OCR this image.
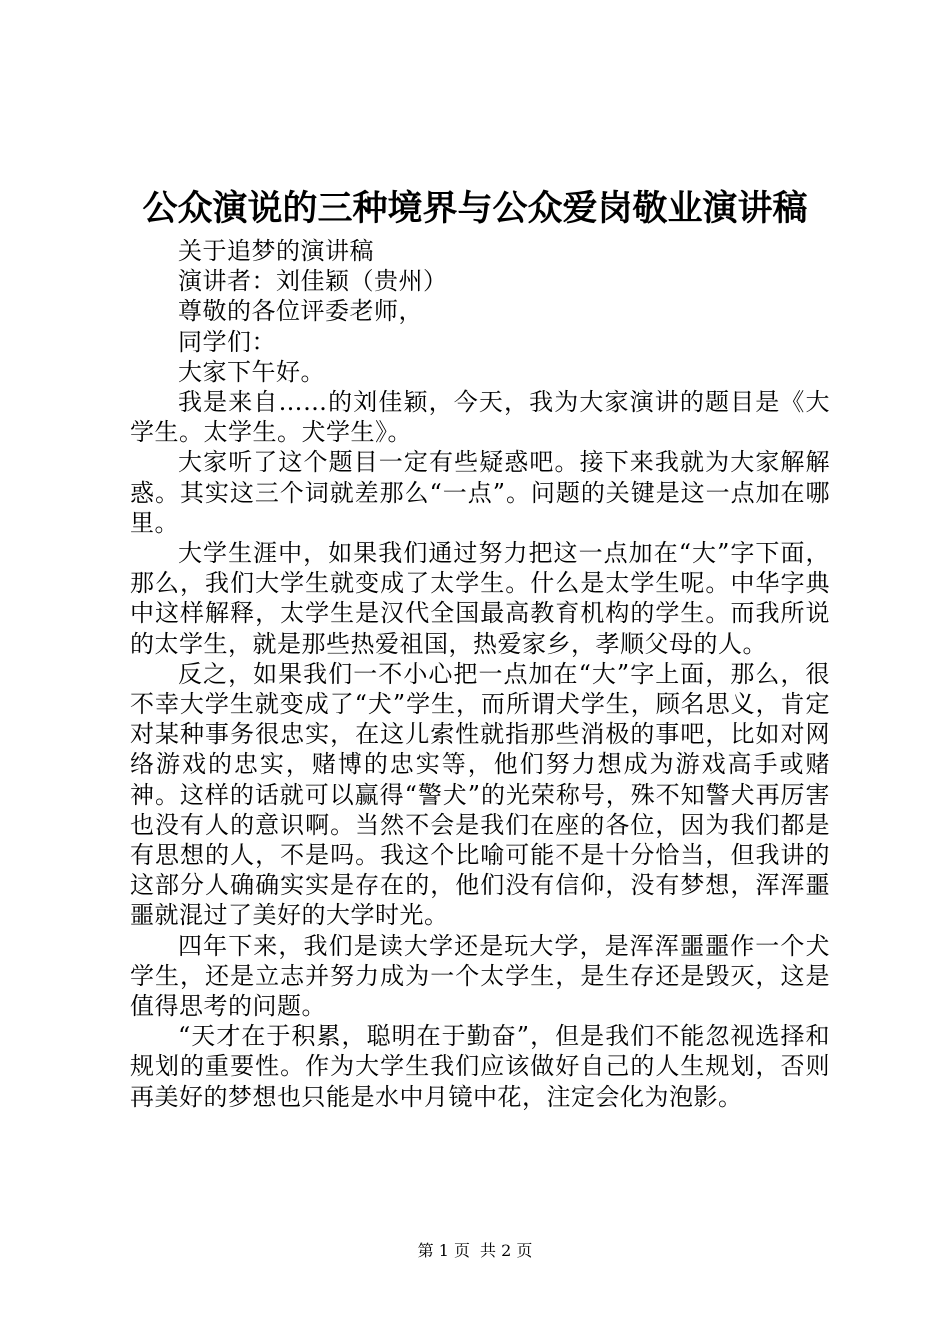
公众演说的三种境界与公众爱岗敬业演讲稿

关于追梦的演讲稿

演讲者：刘佳颖（贵州）

尊敬的各位评委老师，

同学们：

大家下午好。

我是来自……的刘佳颖，今天，我为大家演讲的题目是《大学生。太学生。犬学生》。

大家听了这个题目一定有些疑惑吧。接下来我就为大家解解惑。其实这三个词就差那么“一点”。问题的关键是这一点加在哪里。

大学生涯中，如果我们通过努力把这一点加在“大”字下面，那么，我们大学生就变成了太学生。什么是太学生呢。中华字典中这样解释，太学生是汉代全国最高教育机构的学生。而我所说的太学生，就是那些热爱祖国，热爱家乡，孝顺父母的人。

反之，如果我们一不小心把一点加在“大”字上面，那么，很不幸大学生就变成了“犬”学生，而所谓犬学生，顾名思义，肯定对某种事务很忠实，在这儿索性就指那些消极的事吧，比如对网络游戏的忠实，赌博的忠实等，他们努力想成为游戏高手或赌神。这样的话就可以赢得“警犬”的光荣称号，殊不知警犬再厉害也没有人的意识啊。当然不会是我们在座的各位，因为我们都是有思想的人，不是吗。我这个比喻可能不是十分恰当，但我讲的这部分人确确实实是存在的，他们没有信仰，没有梦想，浑浑噩噩就混过了美好的大学时光。

四年下来，我们是读大学还是玩大学，是浑浑噩噩作一个犬学生，还是立志并努力成为一个太学生，是生存还是毁灭，这是值得思考的问题。

“天才在于积累，聪明在于勤奋”，但是我们不能忽视选择和规划的重要性。作为大学生我们应该做好自己的人生规划，否则再美好的梦想也只能是水中月镜中花，注定会化为泡影。

第 1 页 共 2 页
